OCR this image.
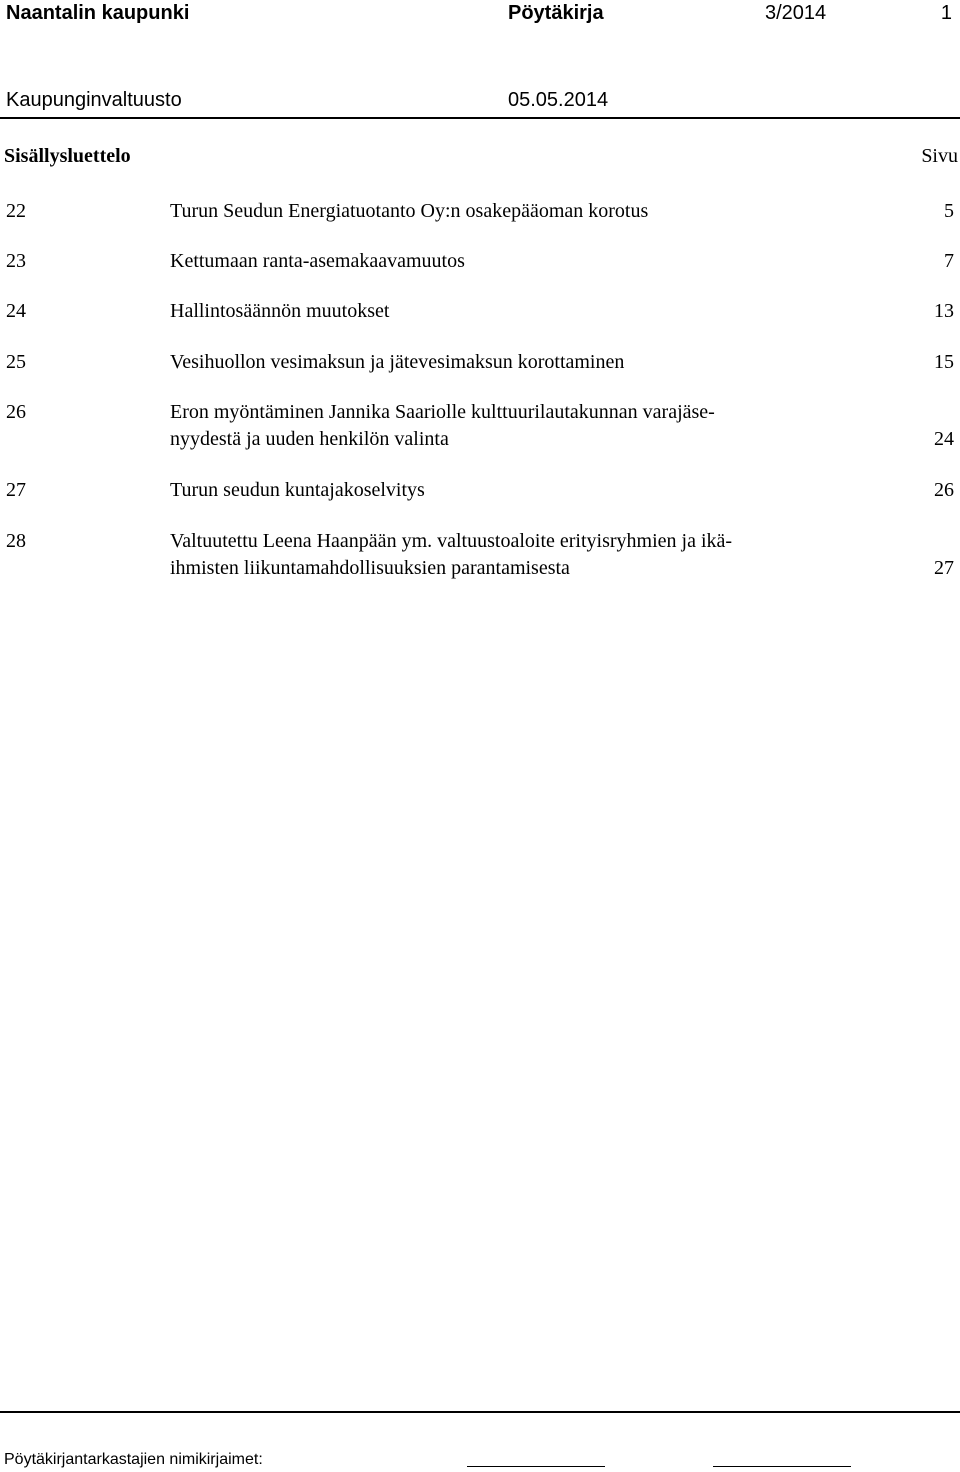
Naantalin kaupunki	Pöytäkirja	3/2014	1
Kaupunginvaltuusto	05.05.2014
Sisällysluettelo	Sivu
22	Turun Seudun Energiatuotanto Oy:n osakepääoman korotus	5
23	Kettumaan ranta-asemakaavamuutos	7
24	Hallintosäännön muutokset	13
25	Vesihuollon vesimaksun ja jätevesimaksun korottaminen	15
26	Eron myöntäminen Jannika Saariolle kulttuurilautakunnan varajäse-
nyydestä ja uuden henkilön valinta	24
27	Turun seudun kuntajakoselvitys	26
28	Valtuutettu Leena Haanpään ym. valtuustoaloite erityisryhmien ja ikä-
ihmisten liikuntamahdollisuuksien parantamisesta	27
Pöytäkirjantarkastajien nimikirjaimet:
